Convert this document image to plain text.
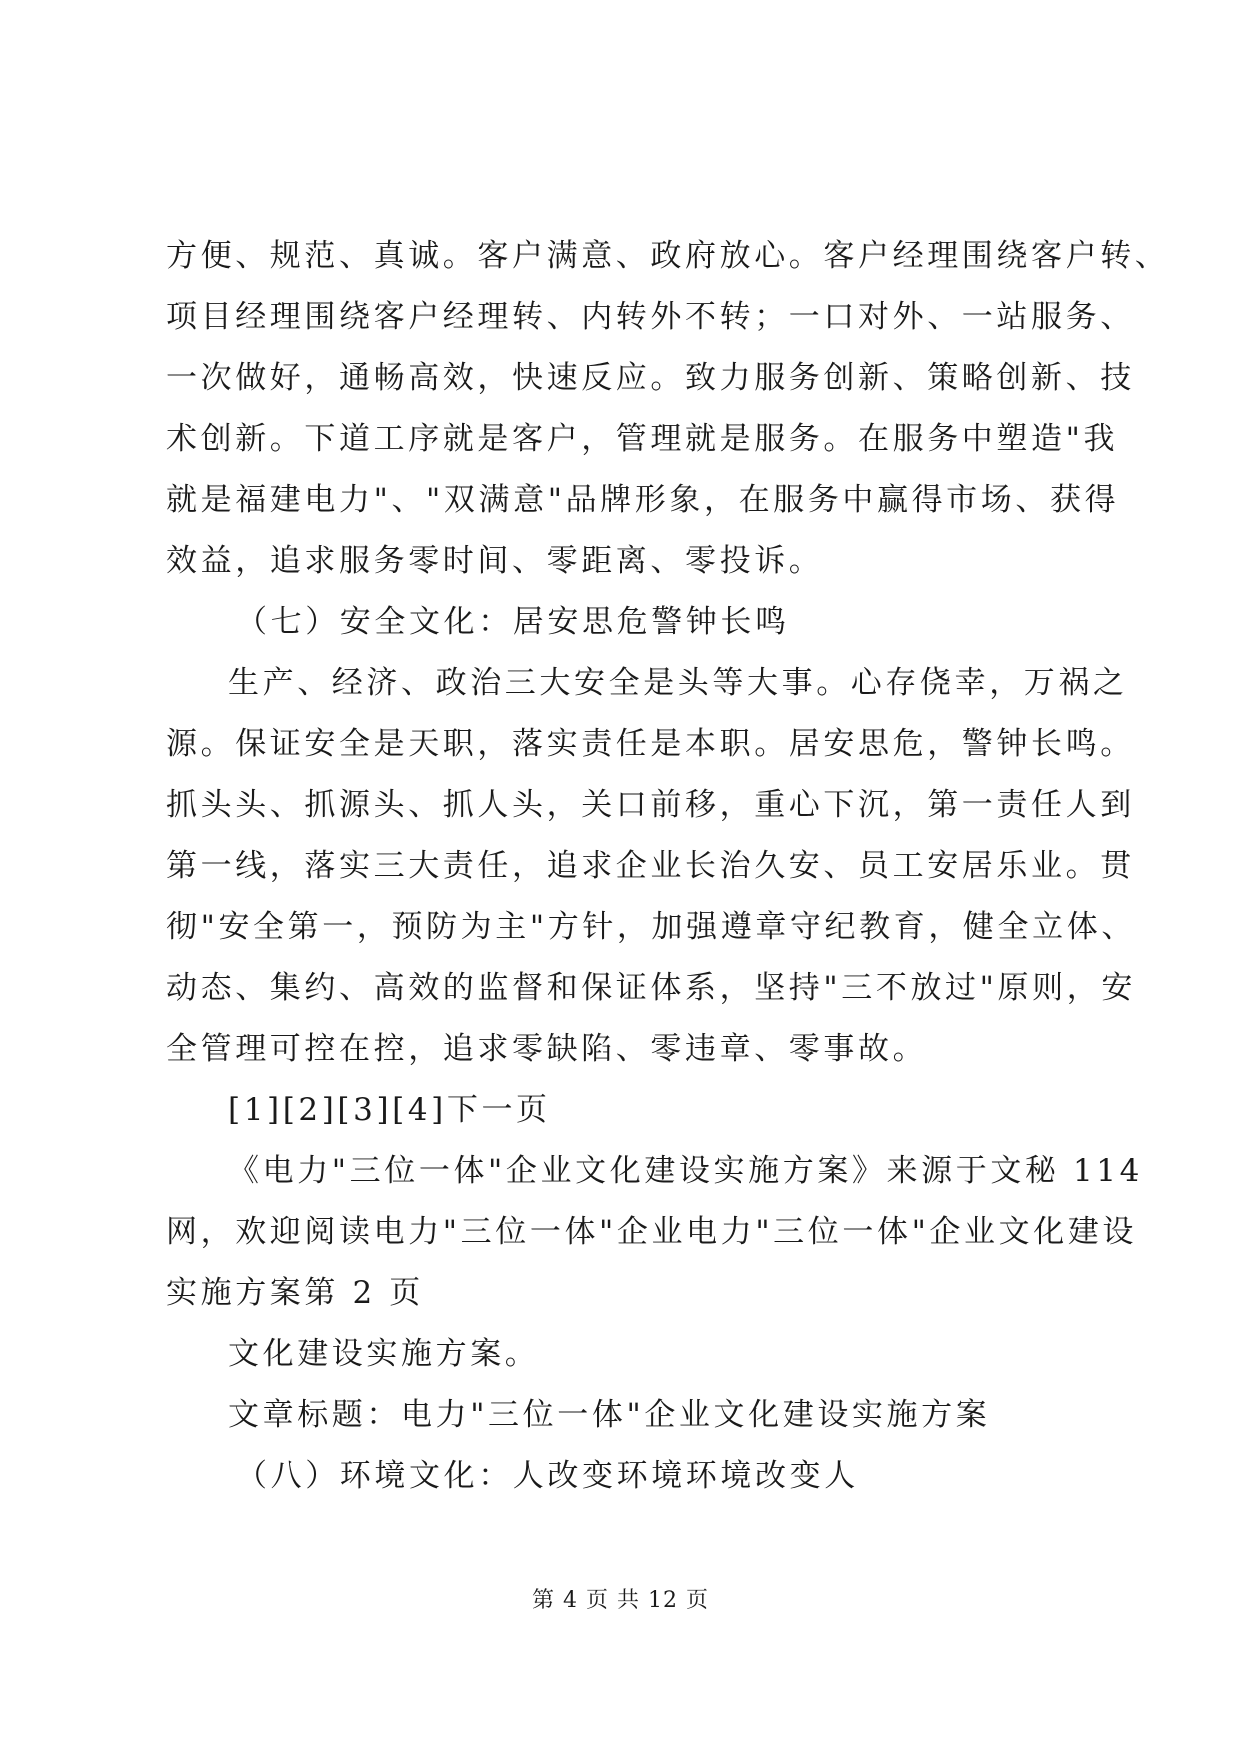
方便、规范、真诚。客户满意、政府放心。客户经理围绕客户转、
项目经理围绕客户经理转、内转外不转；一口对外、一站服务、
一次做好，通畅高效，快速反应。致力服务创新、策略创新、技
术创新。下道工序就是客户，管理就是服务。在服务中塑造"我
就是福建电力"、"双满意"品牌形象，在服务中赢得市场、获得
效益，追求服务零时间、零距离、零投诉。
（七）安全文化：居安思危警钟长鸣
生产、经济、政治三大安全是头等大事。心存侥幸，万祸之
源。保证安全是天职，落实责任是本职。居安思危，警钟长鸣。
抓头头、抓源头、抓人头，关口前移，重心下沉，第一责任人到
第一线，落实三大责任，追求企业长治久安、员工安居乐业。贯
彻"安全第一，预防为主"方针，加强遵章守纪教育，健全立体、
动态、集约、高效的监督和保证体系，坚持"三不放过"原则，安
全管理可控在控，追求零缺陷、零违章、零事故。
[1][2][3][4]下一页
《电力"三位一体"企业文化建设实施方案》来源于文秘 114
网，欢迎阅读电力"三位一体"企业电力"三位一体"企业文化建设
实施方案第 2 页
文化建设实施方案。
文章标题：电力"三位一体"企业文化建设实施方案
（八）环境文化：人改变环境环境改变人
第 4 页 共 12 页
